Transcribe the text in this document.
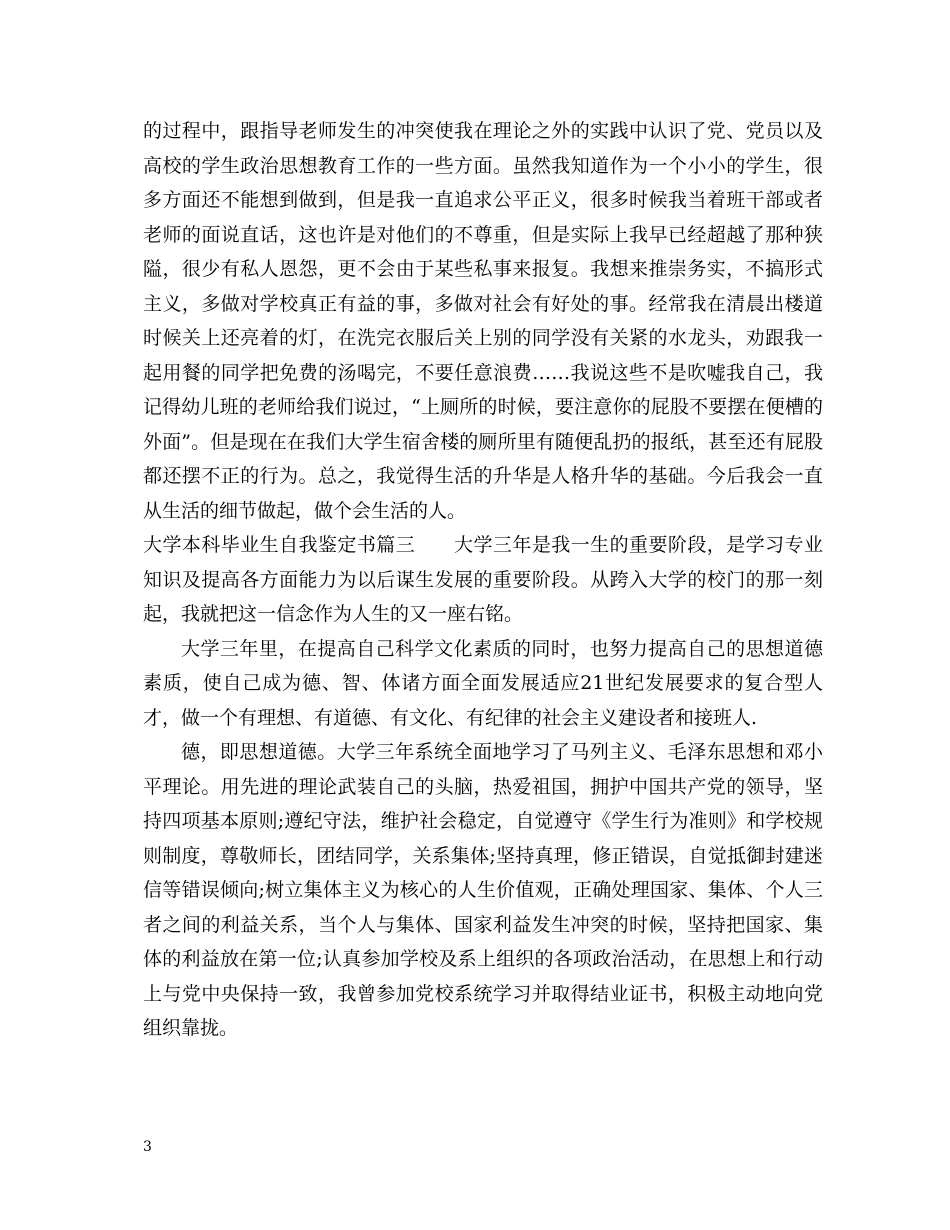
的过程中，跟指导老师发生的冲突使我在理论之外的实践中认识了党、党员以及高校的学生政治思想教育工作的一些方面。虽然我知道作为一个小小的学生，很多方面还不能想到做到，但是我一直追求公平正义，很多时候我当着班干部或者老师的面说直话，这也许是对他们的不尊重，但是实际上我早已经超越了那种狭隘，很少有私人恩怨，更不会由于某些私事来报复。我想来推崇务实，不搞形式主义，多做对学校真正有益的事，多做对社会有好处的事。经常我在清晨出楼道时候关上还亮着的灯，在洗完衣服后关上别的同学没有关紧的水龙头，劝跟我一起用餐的同学把免费的汤喝完，不要任意浪费……我说这些不是吹嘘我自己，我记得幼儿班的老师给我们说过，“上厕所的时候，要注意你的屁股不要摆在便槽的外面”。但是现在在我们大学生宿舍楼的厕所里有随便乱扔的报纸，甚至还有屁股都还摆不正的行为。总之，我觉得生活的升华是人格升华的基础。今后我会一直从生活的细节做起，做个会生活的人。

大学本科毕业生自我鉴定书篇三　　大学三年是我一生的重要阶段，是学习专业知识及提高各方面能力为以后谋生发展的重要阶段。从跨入大学的校门的那一刻起，我就把这一信念作为人生的又一座右铭。

大学三年里，在提高自己科学文化素质的同时，也努力提高自己的思想道德素质，使自己成为德、智、体诸方面全面发展适应21世纪发展要求的复合型人才，做一个有理想、有道德、有文化、有纪律的社会主义建设者和接班人.

德，即思想道德。大学三年系统全面地学习了马列主义、毛泽东思想和邓小平理论。用先进的理论武装自己的头脑，热爱祖国，拥护中国共产党的领导，坚持四项基本原则;遵纪守法，维护社会稳定，自觉遵守《学生行为准则》和学校规则制度，尊敬师长，团结同学，关系集体;坚持真理，修正错误，自觉抵御封建迷信等错误倾向;树立集体主义为核心的人生价值观，正确处理国家、集体、个人三者之间的利益关系，当个人与集体、国家利益发生冲突的时候，坚持把国家、集体的利益放在第一位;认真参加学校及系上组织的各项政治活动，在思想上和行动上与党中央保持一致，我曾参加党校系统学习并取得结业证书，积极主动地向党组织靠拢。

3
